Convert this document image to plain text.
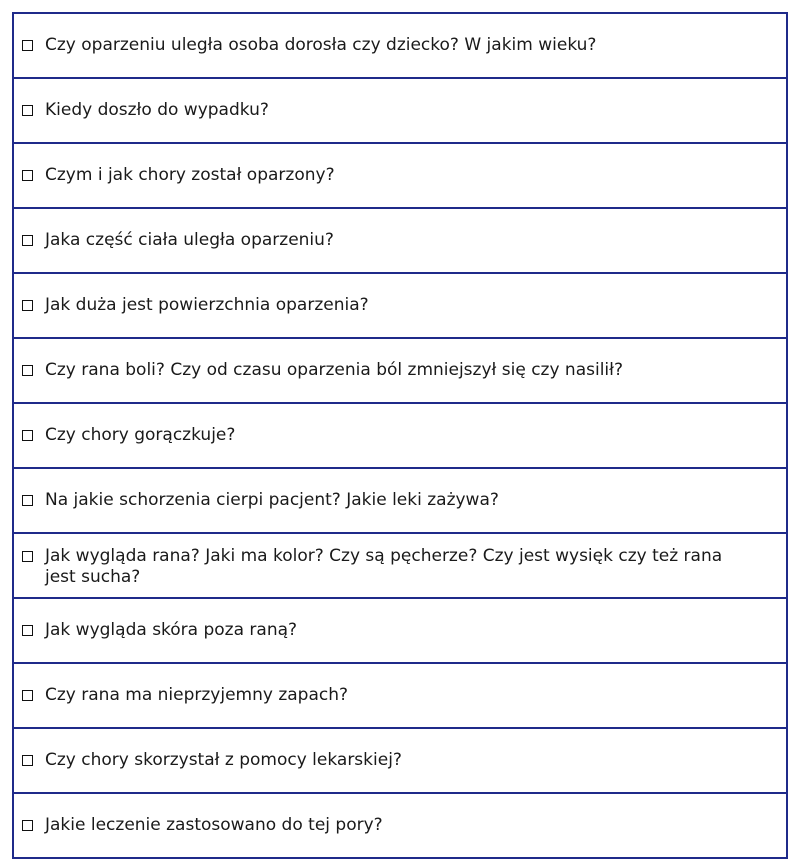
Czy oparzeniu uległa osoba dorosła czy dziecko? W jakim wieku?
Kiedy doszło do wypadku?
Czym i jak chory został oparzony?
Jaka część ciała uległa oparzeniu?
Jak duża jest powierzchnia oparzenia?
Czy rana boli? Czy od czasu oparzenia ból zmniejszył się czy nasilił?
Czy chory gorączkuje?
Na jakie schorzenia cierpi pacjent? Jakie leki zażywa?
Jak wygląda rana? Jaki ma kolor? Czy są pęcherze? Czy jest wysięk czy też rana jest sucha?
Jak wygląda skóra poza raną?
Czy rana ma nieprzyjemny zapach?
Czy chory skorzystał z pomocy lekarskiej?
Jakie leczenie zastosowano do tej pory?
